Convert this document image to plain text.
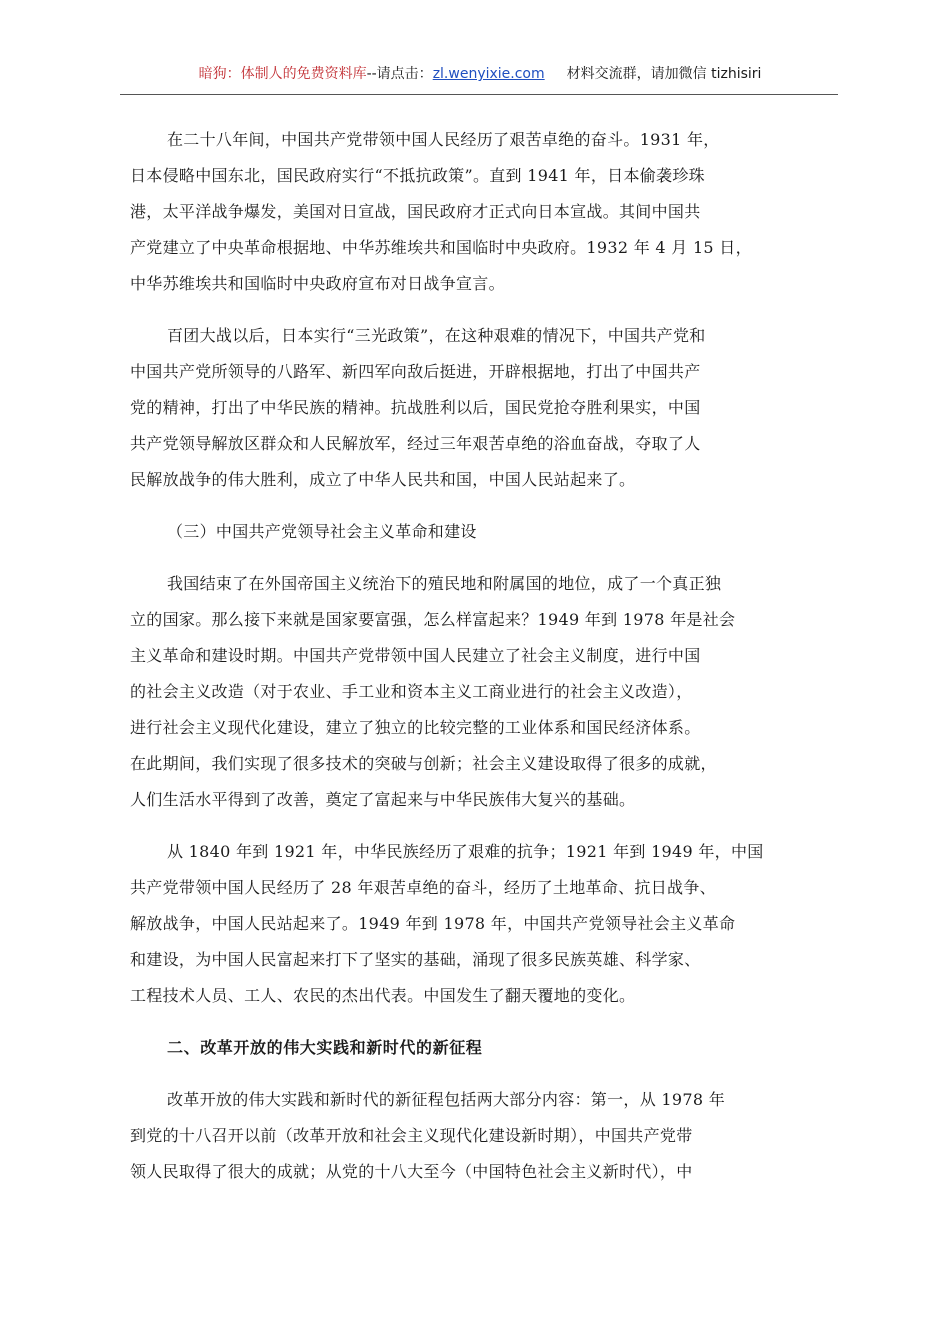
暗狗：体制人的免费资料库--请点击：zl.wenyixie.com 材料交流群，请加微信 tizhisiri
在二十八年间，中国共产党带领中国人民经历了艰苦卓绝的奋斗。1931 年，
日本侵略中国东北，国民政府实行“不抵抗政策”。直到 1941 年，日本偷袭珍珠
港，太平洋战争爆发，美国对日宣战，国民政府才正式向日本宣战。其间中国共
产党建立了中央革命根据地、中华苏维埃共和国临时中央政府。1932 年 4 月 15 日，
中华苏维埃共和国临时中央政府宣布对日战争宣言。
百团大战以后，日本实行“三光政策”，在这种艰难的情况下，中国共产党和
中国共产党所领导的八路军、新四军向敌后挺进，开辟根据地，打出了中国共产
党的精神，打出了中华民族的精神。抗战胜利以后，国民党抢夺胜利果实，中国
共产党领导解放区群众和人民解放军，经过三年艰苦卓绝的浴血奋战，夺取了人
民解放战争的伟大胜利，成立了中华人民共和国，中国人民站起来了。
（三）中国共产党领导社会主义革命和建设
我国结束了在外国帝国主义统治下的殖民地和附属国的地位，成了一个真正独
立的国家。那么接下来就是国家要富强，怎么样富起来？1949 年到 1978 年是社会
主义革命和建设时期。中国共产党带领中国人民建立了社会主义制度，进行中国
的社会主义改造（对于农业、手工业和资本主义工商业进行的社会主义改造），
进行社会主义现代化建设，建立了独立的比较完整的工业体系和国民经济体系。
在此期间，我们实现了很多技术的突破与创新；社会主义建设取得了很多的成就，
人们生活水平得到了改善，奠定了富起来与中华民族伟大复兴的基础。
从 1840 年到 1921 年，中华民族经历了艰难的抗争；1921 年到 1949 年，中国
共产党带领中国人民经历了 28 年艰苦卓绝的奋斗，经历了土地革命、抗日战争、
解放战争，中国人民站起来了。1949 年到 1978 年，中国共产党领导社会主义革命
和建设，为中国人民富起来打下了坚实的基础，涌现了很多民族英雄、科学家、
工程技术人员、工人、农民的杰出代表。中国发生了翻天覆地的变化。
二、改革开放的伟大实践和新时代的新征程
改革开放的伟大实践和新时代的新征程包括两大部分内容：第一，从 1978 年
到党的十八召开以前（改革开放和社会主义现代化建设新时期），中国共产党带
领人民取得了很大的成就；从党的十八大至今（中国特色社会主义新时代），中
